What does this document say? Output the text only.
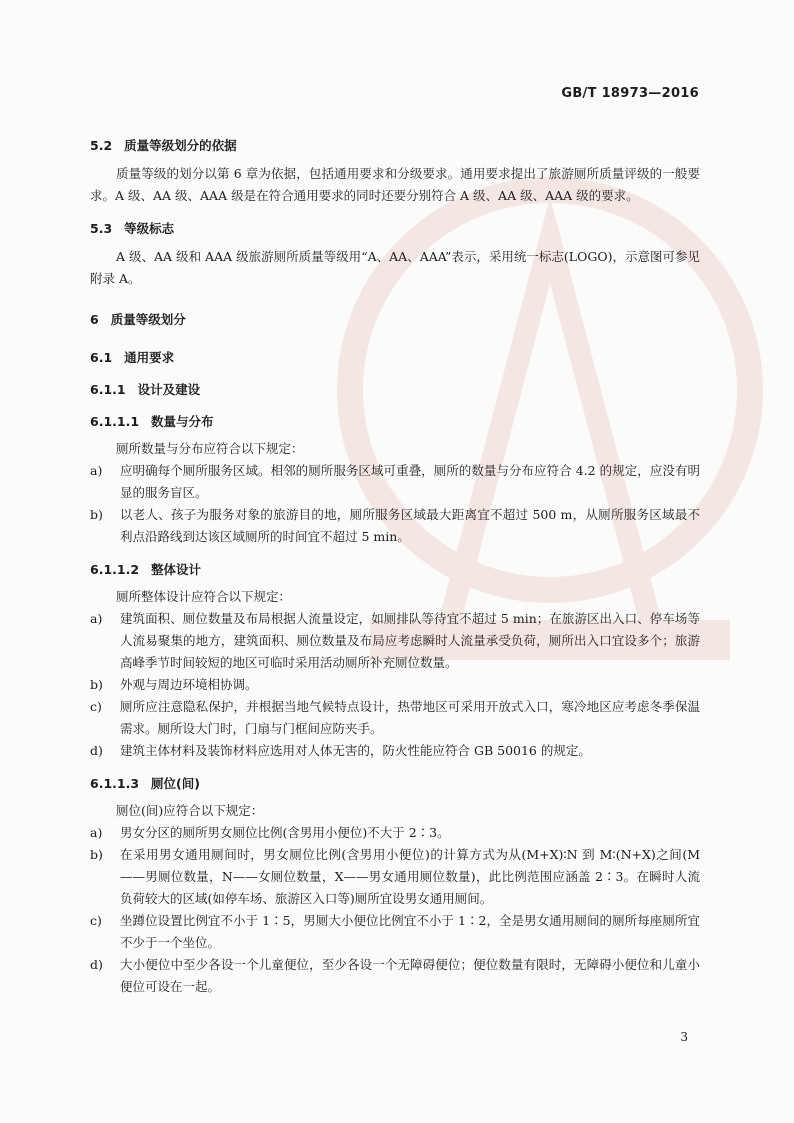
GB/T 18973—2016
5.2 质量等级划分的依据
质量等级的划分以第 6 章为依据，包括通用要求和分级要求。通用要求提出了旅游厕所质量评级的一般要求。A 级、AA 级、AAA 级是在符合通用要求的同时还要分别符合 A 级、AA 级、AAA 级的要求。
5.3 等级标志
A 级、AA 级和 AAA 级旅游厕所质量等级用“A、AA、AAA”表示，采用统一标志(LOGO)，示意图可参见附录 A。
6 质量等级划分
6.1 通用要求
6.1.1 设计及建设
6.1.1.1 数量与分布
厕所数量与分布应符合以下规定：
a) 应明确每个厕所服务区域。相邻的厕所服务区域可重叠，厕所的数量与分布应符合 4.2 的规定，应没有明显的服务盲区。
b) 以老人、孩子为服务对象的旅游目的地，厕所服务区域最大距离宜不超过 500 m，从厕所服务区域最不利点沿路线到达该区域厕所的时间宜不超过 5 min。
6.1.1.2 整体设计
厕所整体设计应符合以下规定：
a) 建筑面积、厕位数量及布局根据人流量设定，如厕排队等待宜不超过 5 min；在旅游区出入口、停车场等人流易聚集的地方，建筑面积、厕位数量及布局应考虑瞬时人流量承受负荷，厕所出入口宜设多个；旅游高峰季节时间较短的地区可临时采用活动厕所补充厕位数量。
b) 外观与周边环境相协调。
c) 厕所应注意隐私保护，并根据当地气候特点设计，热带地区可采用开放式入口，寒冷地区应考虑冬季保温需求。厕所设大门时，门扇与门框间应防夹手。
d) 建筑主体材料及装饰材料应选用对人体无害的，防火性能应符合 GB 50016 的规定。
6.1.1.3 厕位(间)
厕位(间)应符合以下规定：
a) 男女分区的厕所男女厕位比例(含男用小便位)不大于 2∶3。
b) 在采用男女通用厕间时，男女厕位比例(含男用小便位)的计算方式为从(M+X)∶N 到 M∶(N+X)之间(M——男厕位数量，N——女厕位数量，X——男女通用厕位数量)，此比例范围应涵盖 2∶3。在瞬时人流负荷较大的区域(如停车场、旅游区入口等)厕所宜设男女通用厕间。
c) 坐蹲位设置比例宜不小于 1∶5，男厕大小便位比例宜不小于 1∶2，全是男女通用厕间的厕所每座厕所宜不少于一个坐位。
d) 大小便位中至少各设一个儿童便位，至少各设一个无障碍便位；便位数量有限时，无障碍小便位和儿童小便位可设在一起。
3
